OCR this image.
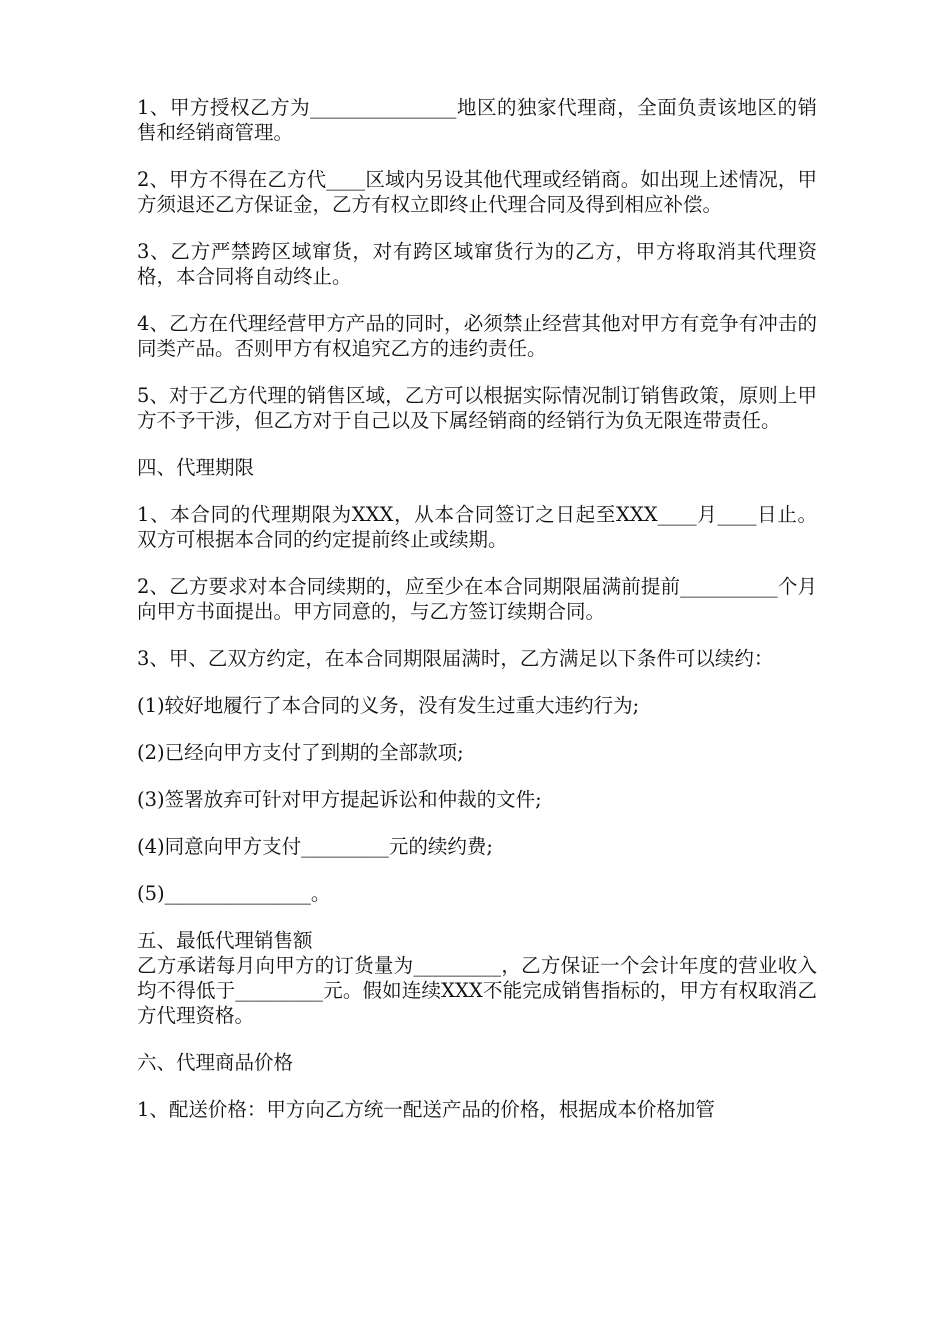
1、甲方授权乙方为_______________地区的独家代理商，全面负责该地区的销售和经销商管理。

2、甲方不得在乙方代____区域内另设其他代理或经销商。如出现上述情况，甲方须退还乙方保证金，乙方有权立即终止代理合同及得到相应补偿。

3、乙方严禁跨区域窜货，对有跨区域窜货行为的乙方，甲方将取消其代理资格，本合同将自动终止。

4、乙方在代理经营甲方产品的同时，必须禁止经营其他对甲方有竞争有冲击的同类产品。否则甲方有权追究乙方的违约责任。

5、对于乙方代理的销售区域，乙方可以根据实际情况制订销售政策，原则上甲方不予干涉，但乙方对于自己以及下属经销商的经销行为负无限连带责任。

四、代理期限

1、本合同的代理期限为XXX，从本合同签订之日起至XXX____月____日止。双方可根据本合同的约定提前终止或续期。

2、乙方要求对本合同续期的，应至少在本合同期限届满前提前__________个月向甲方书面提出。甲方同意的，与乙方签订续期合同。

3、甲、乙双方约定，在本合同期限届满时，乙方满足以下条件可以续约：

(1)较好地履行了本合同的义务，没有发生过重大违约行为;

(2)已经向甲方支付了到期的全部款项;

(3)签署放弃可针对甲方提起诉讼和仲裁的文件;

(4)同意向甲方支付_________元的续约费;

(5)_______________。

五、最低代理销售额

乙方承诺每月向甲方的订货量为_________，乙方保证一个会计年度的营业收入均不得低于_________元。假如连续XXX不能完成销售指标的，甲方有权取消乙方代理资格。

六、代理商品价格

1、配送价格：甲方向乙方统一配送产品的价格，根据成本价格加管
